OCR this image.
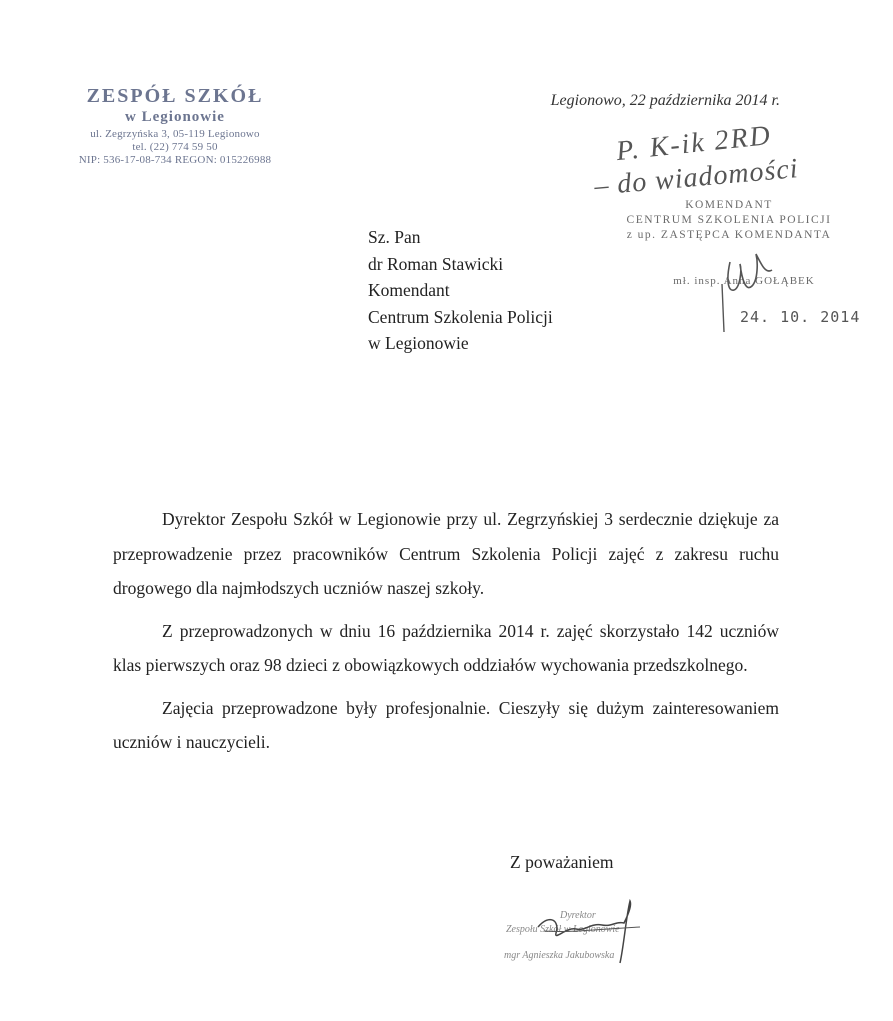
ZESPÓŁ SZKÓŁ
w Legionowie
ul. Zegrzyńska 3, 05-119 Legionowo
tel. (22) 774 59 50
NIP: 536-17-08-734 REGON: 015226988
Legionowo, 22 października 2014 r.
P. K-ik 2RD
– do wiadomości
KOMENDANT
CENTRUM SZKOLENIA POLICJI
z up. ZASTĘPCA KOMENDANTA
mł. insp. Anna GOŁĄBEK
24. 10. 2014
Sz. Pan
dr Roman Stawicki
Komendant
Centrum Szkolenia Policji
w Legionowie

Dyrektor Zespołu Szkół w Legionowie przy ul. Zegrzyńskiej 3 serdecznie dziękuje za przeprowadzenie przez pracowników Centrum Szkolenia Policji zajęć z zakresu ruchu drogowego dla najmłodszych uczniów naszej szkoły.

Z przeprowadzonych w dniu 16 października 2014 r. zajęć skorzystało 142 uczniów klas pierwszych oraz 98 dzieci z obowiązkowych oddziałów wychowania przedszkolnego.

Zajęcia przeprowadzone były profesjonalnie. Cieszyły się dużym zainteresowaniem uczniów i nauczycieli.

Z poważaniem
Dyrektor
Zespołu Szkół w Legionowie
mgr Agnieszka Jakubowska
